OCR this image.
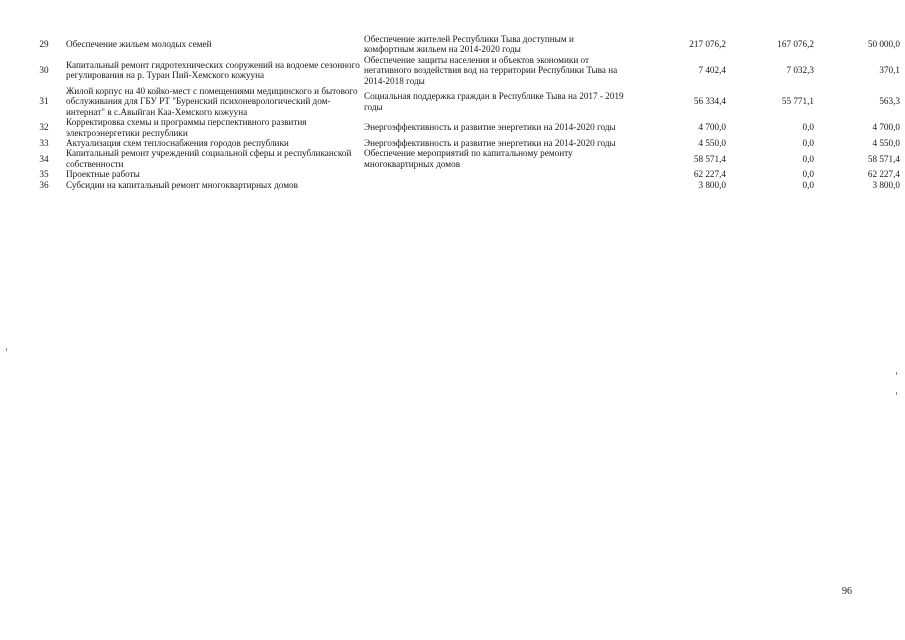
29	Обеспечение жильем молодых семей	Обеспечение жителей Республики Тыва доступным и комфортным жильем на 2014-2020 годы	217 076,2	167 076,2	50 000,0
30	Капитальный ремонт гидротехнических сооружений на водоеме сезонного регулирования на р. Туран Пий-Хемского кожууна	Обеспечение защиты населения и объектов экономики от негативного воздействия вод на территории Республики Тыва на 2014-2018 годы	7 402,4	7 032,3	370,1
31	Жилой корпус на 40 койко-мест с помещениями медицинского и бытового обслуживания для ГБУ РТ "Буренский психоневрологический дом-интернат" в с.Авыйган Каа-Хемского кожууна	Социальная поддержка граждан в Республике Тыва на 2017 - 2019 годы	56 334,4	55 771,1	563,3
32	Корректировка схемы и программы перспективного развития электроэнергетики республики	Энергоэффективность и развитие энергетики на 2014-2020 годы	4 700,0	0,0	4 700,0
33	Актуализация схем теплоснабжения городов республики	Энергоэффективность и развитие энергетики на 2014-2020 годы	4 550,0	0,0	4 550,0
34	Капитальный ремонт учреждений социальной сферы и республиканской собственности	Обеспечение мероприятий по капитальному ремонту многоквартирных домов	58 571,4	0,0	58 571,4
35	Проектные работы		62 227,4	0,0	62 227,4
36	Субсидии на капитальный ремонт многоквартирных домов		3 800,0	0,0	3 800,0
96
